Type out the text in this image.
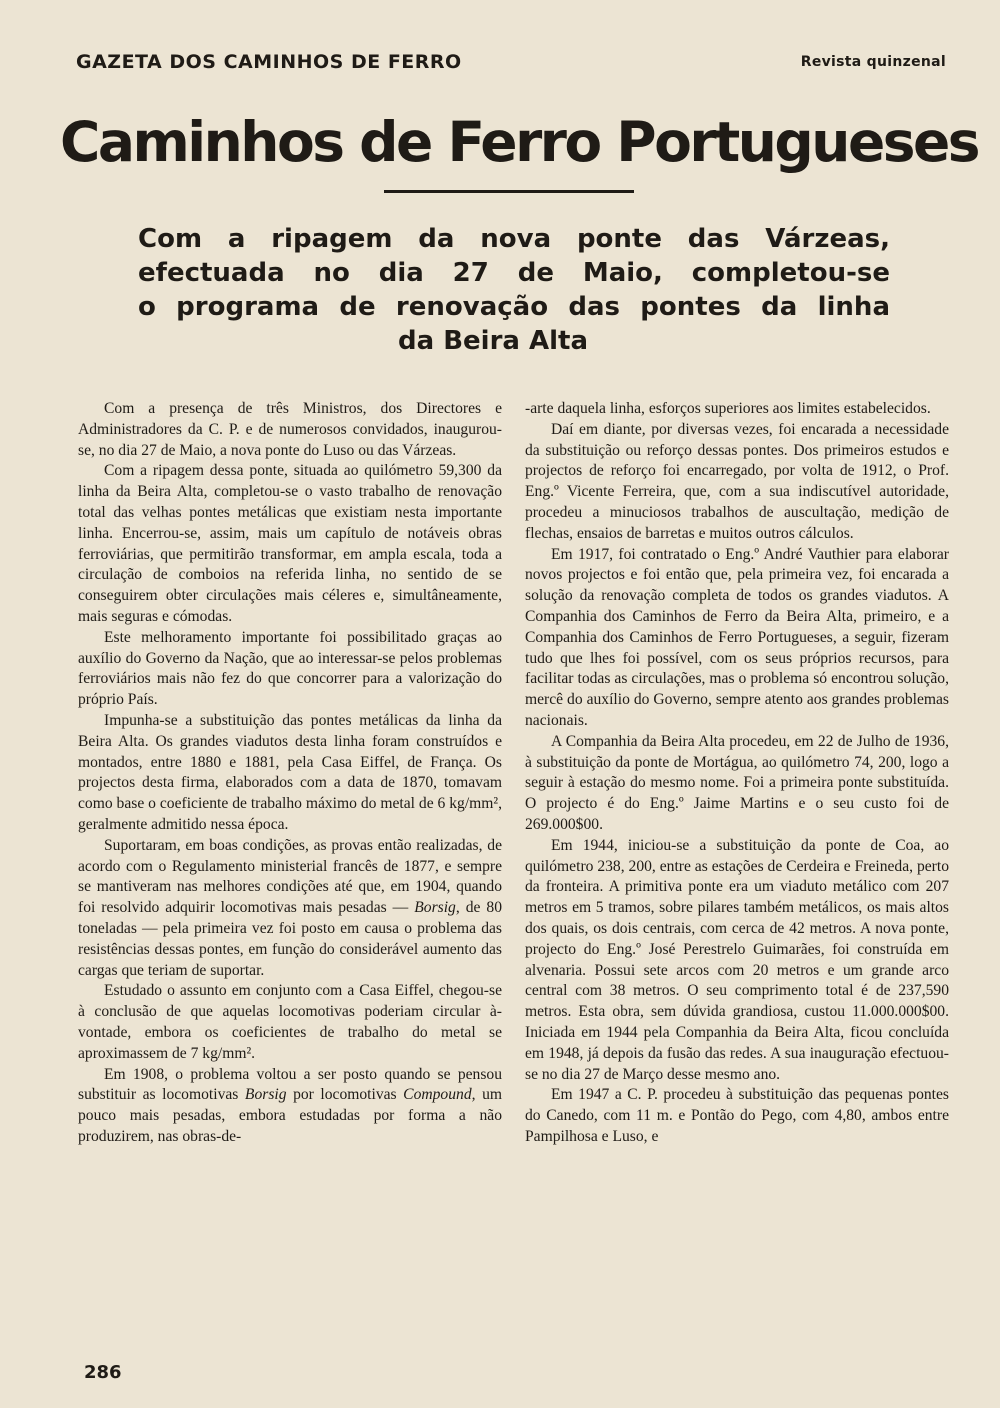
GAZETA DOS CAMINHOS DE FERRO	Revista quinzenal
Caminhos de Ferro Portugueses
Com a ripagem da nova ponte das Várzeas,
efectuada no dia 27 de Maio, completou-se
o programa de renovação das pontes da linha
da Beira Alta

Com a presença de três Ministros, dos Directores e Administradores da C. P. e de numerosos convidados, inaugurou-se, no dia 27 de Maio, a nova ponte do Luso ou das Várzeas.

Com a ripagem dessa ponte, situada ao quilómetro 59,300 da linha da Beira Alta, completou-se o vasto trabalho de renovação total das velhas pontes metálicas que existiam nesta importante linha. Encerrou-se, assim, mais um capítulo de notáveis obras ferroviárias, que permitirão transformar, em ampla escala, toda a circulação de comboios na referida linha, no sentido de se conseguirem obter circulações mais céleres e, simultâneamente, mais seguras e cómodas.

Este melhoramento importante foi possibilitado graças ao auxílio do Governo da Nação, que ao interessar-se pelos problemas ferroviários mais não fez do que concorrer para a valorização do próprio País.

Impunha-se a substituição das pontes metálicas da linha da Beira Alta. Os grandes viadutos desta linha foram construídos e montados, entre 1880 e 1881, pela Casa Eiffel, de França. Os projectos desta firma, elaborados com a data de 1870, tomavam como base o coeficiente de trabalho máximo do metal de 6 kg/mm², geralmente admitido nessa época.

Suportaram, em boas condições, as provas então realizadas, de acordo com o Regulamento ministerial francês de 1877, e sempre se mantiveram nas melhores condições até que, em 1904, quando foi resolvido adquirir locomotivas mais pesadas — Borsig, de 80 toneladas — pela primeira vez foi posto em causa o problema das resistências dessas pontes, em função do considerável aumento das cargas que teriam de suportar.

Estudado o assunto em conjunto com a Casa Eiffel, chegou-se à conclusão de que aquelas locomotivas poderiam circular à-vontade, embora os coeficientes de trabalho do metal se aproximassem de 7 kg/mm².

Em 1908, o problema voltou a ser posto quando se pensou substituir as locomotivas Borsig por locomotivas Compound, um pouco mais pesadas, embora estudadas por forma a não produzirem, nas obras-de-

-arte daquela linha, esforços superiores aos limites estabelecidos.

Daí em diante, por diversas vezes, foi encarada a necessidade da substituição ou reforço dessas pontes. Dos primeiros estudos e projectos de reforço foi encarregado, por volta de 1912, o Prof. Eng.º Vicente Ferreira, que, com a sua indiscutível autoridade, procedeu a minuciosos trabalhos de auscultação, medição de flechas, ensaios de barretas e muitos outros cálculos.

Em 1917, foi contratado o Eng.º André Vauthier para elaborar novos projectos e foi então que, pela primeira vez, foi encarada a solução da renovação completa de todos os grandes viadutos. A Companhia dos Caminhos de Ferro da Beira Alta, primeiro, e a Companhia dos Caminhos de Ferro Portugueses, a seguir, fizeram tudo que lhes foi possível, com os seus próprios recursos, para facilitar todas as circulações, mas o problema só encontrou solução, mercê do auxílio do Governo, sempre atento aos grandes problemas nacionais.

A Companhia da Beira Alta procedeu, em 22 de Julho de 1936, à substituição da ponte de Mortágua, ao quilómetro 74, 200, logo a seguir à estação do mesmo nome. Foi a primeira ponte substituída. O projecto é do Eng.º Jaime Martins e o seu custo foi de 269.000$00.

Em 1944, iniciou-se a substituição da ponte de Coa, ao quilómetro 238, 200, entre as estações de Cerdeira e Freineda, perto da fronteira. A primitiva ponte era um viaduto metálico com 207 metros em 5 tramos, sobre pilares também metálicos, os mais altos dos quais, os dois centrais, com cerca de 42 metros. A nova ponte, projecto do Eng.º José Perestrelo Guimarães, foi construída em alvenaria. Possui sete arcos com 20 metros e um grande arco central com 38 metros. O seu comprimento total é de 237,590 metros. Esta obra, sem dúvida grandiosa, custou 11.000.000$00. Iniciada em 1944 pela Companhia da Beira Alta, ficou concluída em 1948, já depois da fusão das redes. A sua inauguração efectuou-se no dia 27 de Março desse mesmo ano.

Em 1947 a C. P. procedeu à substituição das pequenas pontes do Canedo, com 11 m. e Pontão do Pego, com 4,80, ambos entre Pampilhosa e Luso, e

286
